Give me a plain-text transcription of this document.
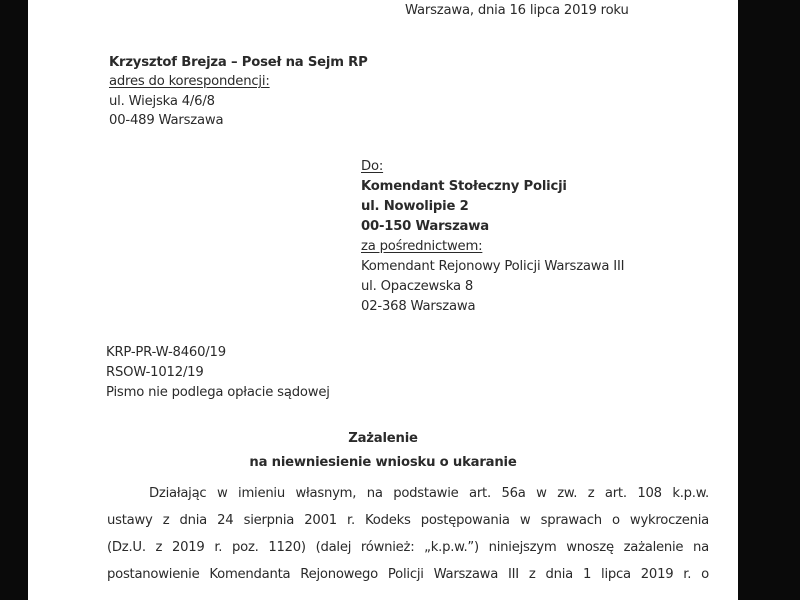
Warszawa, dnia 16 lipca 2019 roku
Krzysztof Brejza – Poseł na Sejm RP
adres do korespondencji:
ul. Wiejska 4/6/8
00-489 Warszawa
Do:
Komendant Stołeczny Policji
ul. Nowolipie 2
00-150 Warszawa
za pośrednictwem:
Komendant Rejonowy Policji Warszawa III
ul. Opaczewska 8
02-368 Warszawa
KRP-PR-W-8460/19
RSOW-1012/19
Pismo nie podlega opłacie sądowej
Zażalenie
na niewniesienie wniosku o ukaranie
Działając w imieniu własnym, na podstawie art. 56a w zw. z art. 108 k.p.w.
ustawy z dnia 24 sierpnia 2001 r. Kodeks postępowania w sprawach o wykroczenia
(Dz.U. z 2019 r. poz. 1120) (dalej również: „k.p.w.”) niniejszym wnoszę zażalenie na
postanowienie Komendanta Rejonowego Policji Warszawa III z dnia 1 lipca 2019 r. o
